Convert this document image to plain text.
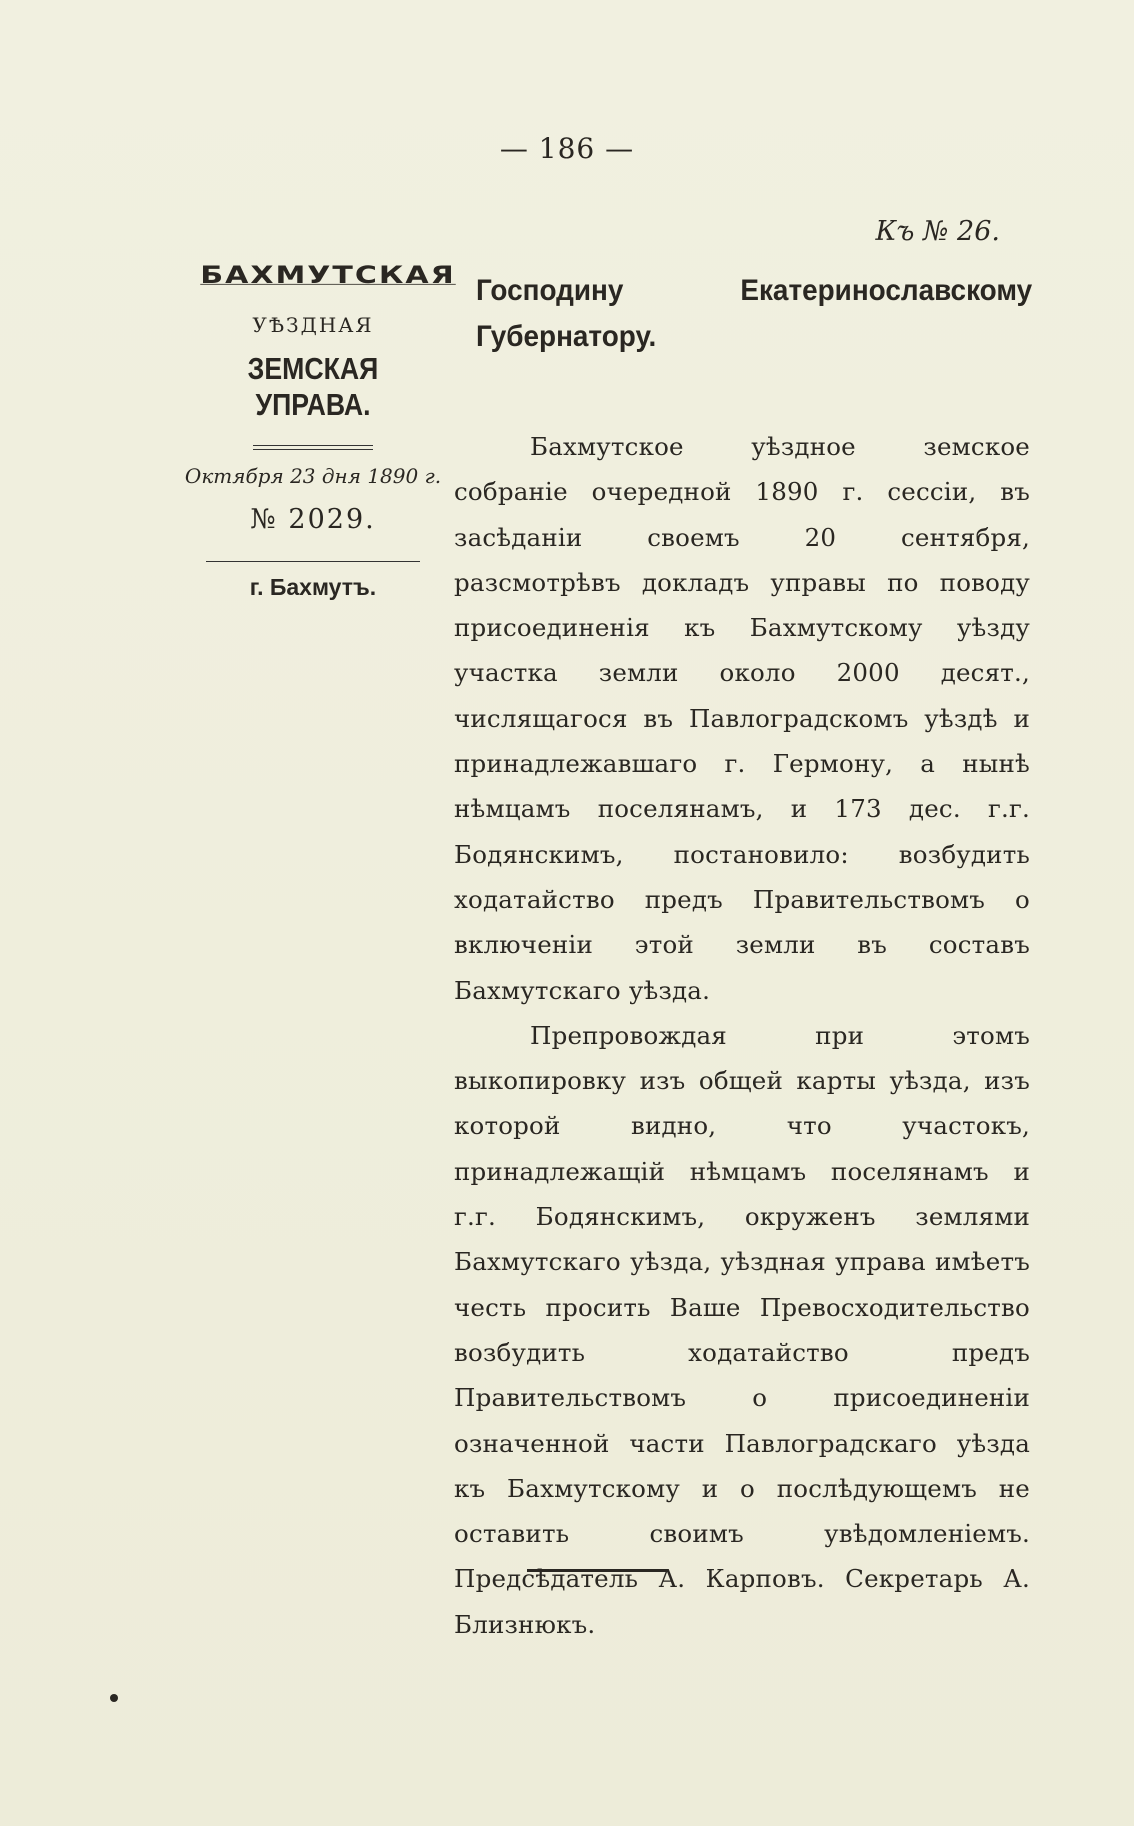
— 186 —
Къ № 26.
БАХМУТСКАЯ
УѢЗДНАЯ
ЗЕМСКАЯ УПРАВА.
Октября 23 дня 1890 г.
№ 2029.
г. Бахмутъ.
Господину Екатеринославскому Губернатору.

Бахмутское уѣздное земское собраніе очередной 1890 г. сессіи, въ засѣданіи своемъ 20 сентября, разсмотрѣвъ докладъ управы по поводу присоединенія къ Бахмутскому уѣзду участка земли около 2000 десят., числящагося въ Павлоградскомъ уѣздѣ и принадлежавшаго г. Гермону, а нынѣ нѣмцамъ поселянамъ, и 173 дес. г.г. Бодянскимъ, постановило: возбудить ходатайство предъ Правительствомъ о включеніи этой земли въ составъ Бахмутскаго уѣзда.

Препровождая при этомъ выкопировку изъ общей карты уѣзда, изъ которой видно, что участокъ, принадлежащій нѣмцамъ поселянамъ и г.г. Бодянскимъ, окруженъ землями Бахмутскаго уѣзда, уѣздная управа имѣетъ честь просить Ваше Превосходительство возбудить ходатайство предъ Правительствомъ о присоединеніи означенной части Павлоградскаго уѣзда къ Бахмутскому и о послѣдующемъ не оставить своимъ увѣдомленіемъ. Предсѣдатель А. Карповъ. Секретарь А. Близнюкъ.
